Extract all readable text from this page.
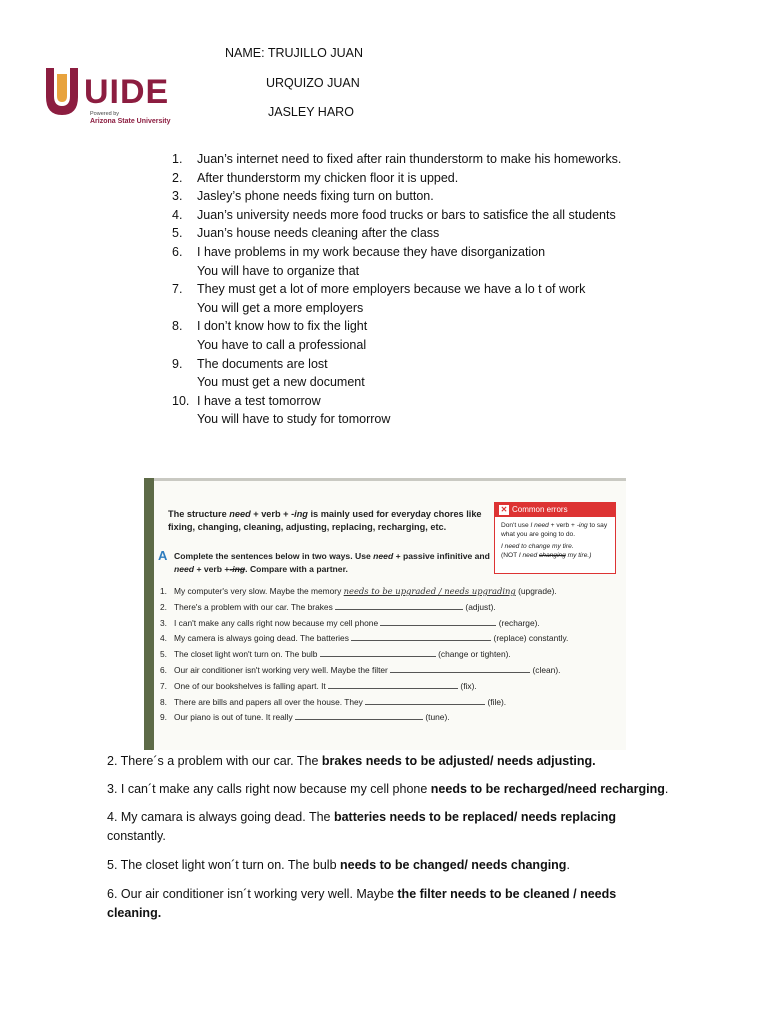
NAME: TRUJILLO JUAN
URQUIZO JUAN
JASLEY HARO
UIDE
Powered by
Arizona State University
1. Juan’s internet need to fixed after rain thunderstorm to make his homeworks.
2. After thunderstorm my chicken floor it is upped.
3. Jasley’s phone needs fixing turn on button.
4. Juan’s university needs more food trucks or bars to satisfice the all students
5. Juan’s house needs cleaning after the class
6. I have problems in my work because they have disorganization
You will have to organize that
7. They must get a lot of more employers because we have a lo t of work
You will get a more employers
8. I don’t know how to fix the light
You have to call a professional
9. The documents are lost
You must get a new document
10. I have a test tomorrow
You will have to study for tomorrow
The structure need + verb + -ing is mainly used for everyday chores like fixing, changing, cleaning, adjusting, replacing, recharging, etc.
✕ Common errors
Don't use I need + verb + -ing to say what you are going to do.
I need to change my tire.
(NOT I need changing my tire.)
A Complete the sentences below in two ways. Use need + passive infinitive and need + verb +-ing. Compare with a partner.
1. My computer's very slow. Maybe the memory needs to be upgraded / needs upgrading (upgrade).
2. There's a problem with our car. The brakes	(adjust).
3. I can't make any calls right now because my cell phone	(recharge).
4. My camera is always going dead. The batteries	(replace) constantly.
5. The closet light won't turn on. The bulb	(change or tighten).
6. Our air conditioner isn't working very well. Maybe the filter	(clean).
7. One of our bookshelves is falling apart. It	(fix).
8. There are bills and papers all over the house. They	(file).
9. Our piano is out of tune. It really	(tune).
2. There´s a problem with our car. The brakes needs to be adjusted/ needs adjusting.
3. I can´t make any calls right now because my cell phone needs to be recharged/need recharging.
4. My camara is always going dead. The batteries needs to be replaced/ needs replacing
constantly.
5. The closet light won´t turn on. The bulb needs to be changed/ needs changing.
6. Our air conditioner isn´t working very well. Maybe the filter needs to be cleaned / needs
cleaning.
